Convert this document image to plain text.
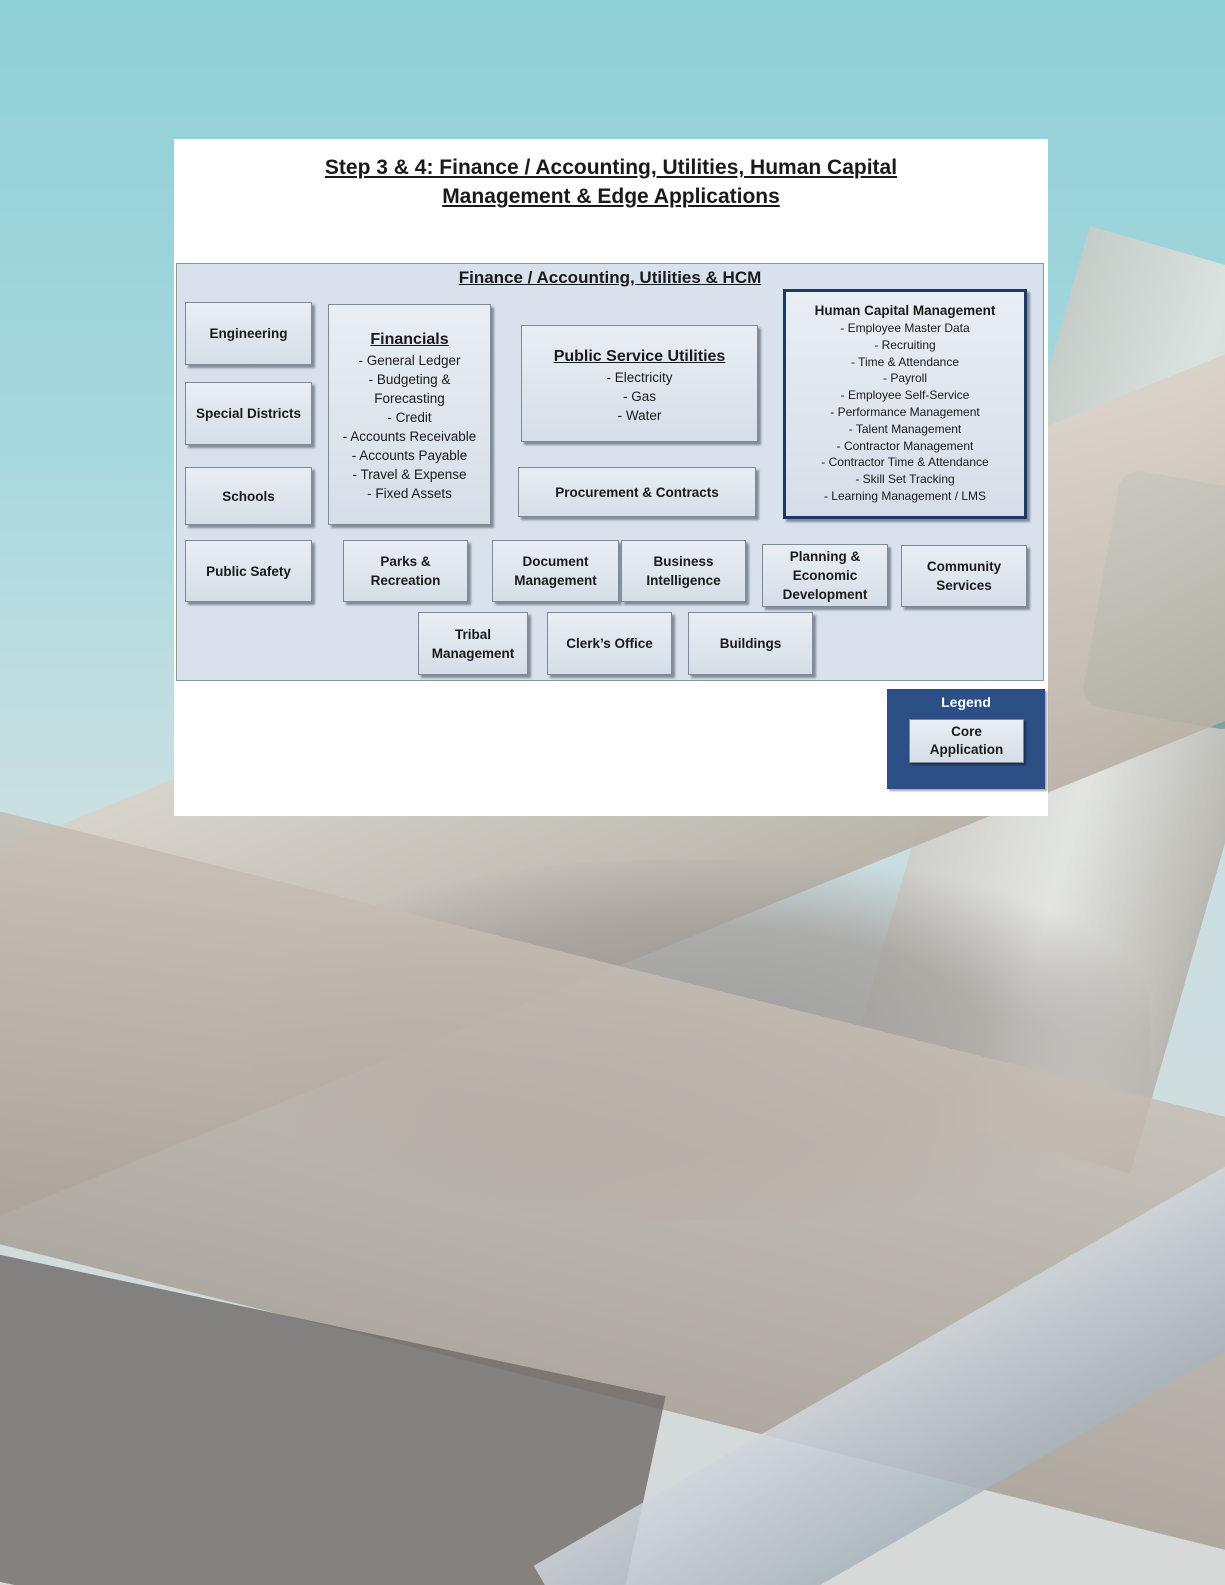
Step 3 & 4: Finance / Accounting, Utilities, Human Capital
Management & Edge Applications
Finance / Accounting, Utilities & HCM
Engineering
Special Districts
Schools
Public Safety
Financials
- General Ledger
- Budgeting &
Forecasting
- Credit
- Accounts Receivable
- Accounts Payable
- Travel & Expense
- Fixed Assets
Public Service Utilities
- Electricity
- Gas
- Water
Procurement & Contracts
Human Capital Management
- Employee Master Data
- Recruiting
- Time & Attendance
- Payroll
- Employee Self-Service
- Performance Management
- Talent Management
- Contractor Management
- Contractor Time & Attendance
- Skill Set Tracking
- Learning Management / LMS
Parks &
Recreation
Document
Management
Business
Intelligence
Planning &
Economic
Development
Community
Services
Tribal
Management
Clerk’s Office	Buildings
Legend
Core
Application
